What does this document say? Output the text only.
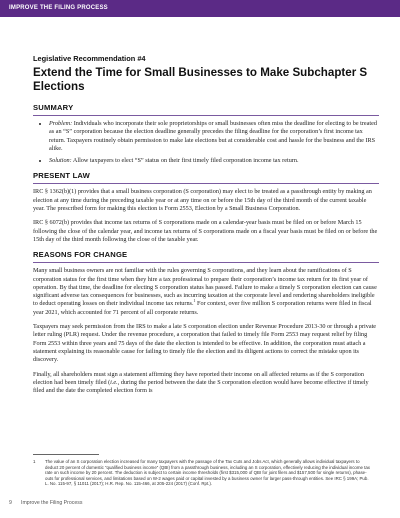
IMPROVE THE FILING PROCESS
Legislative Recommendation #4
Extend the Time for Small Businesses to Make Subchapter S Elections
SUMMARY
• Problem: Individuals who incorporate their sole proprietorships or small businesses often miss the deadline for electing to be treated as an “S” corporation because the election deadline generally precedes the filing deadline for the corporation’s first income tax return. Taxpayers routinely obtain permission to make late elections but at considerable cost and hassle for the business and the IRS alike.
• Solution: Allow taxpayers to elect “S” status on their first timely filed corporation income tax return.
PRESENT LAW

IRC § 1362(b)(1) provides that a small business corporation (S corporation) may elect to be treated as a passthrough entity by making an election at any time during the preceding taxable year or at any time on or before the 15th day of the third month of the current taxable year. The prescribed form for making this election is Form 2553, Election by a Small Business Corporation.

IRC § 6072(b) provides that income tax returns of S corporations made on a calendar-year basis must be filed on or before March 15 following the close of the calendar year, and income tax returns of S corporations made on a fiscal year basis must be filed on or before the 15th day of the third month following the close of the taxable year.

REASONS FOR CHANGE

Many small business owners are not familiar with the rules governing S corporations, and they learn about the ramifications of S corporation status for the first time when they hire a tax professional to prepare their corporation’s income tax return for its first year of operation. By that time, the deadline for electing S corporation status has passed. Failure to make a timely S corporation election can cause significant adverse tax consequences for businesses, such as incurring taxation at the corporate level and rendering shareholders ineligible to deduct operating losses on their individual income tax returns.$^1$ For context, over five million S corporation returns were filed in fiscal year 2021, which accounted for 71 percent of all corporate returns.

Taxpayers may seek permission from the IRS to make a late S corporation election under Revenue Procedure 2013-30 or through a private letter ruling (PLR) request. Under the revenue procedure, a corporation that failed to timely file Form 2553 may request relief by filing Form 2553 within three years and 75 days of the date the election is intended to be effective. In addition, the corporation must attach a statement explaining its reasonable cause for failing to timely file the election and its diligent actions to correct the mistake upon its discovery.

Finally, all shareholders must sign a statement affirming they have reported their income on all affected returns as if the S corporation election had been timely filed (i.e., during the period between the date the S corporation election would have become effective if timely filed and the date the completed election form is

1 The value of an S corporation election increased for many taxpayers with the passage of the Tax Cuts and Jobs Act, which generally allows individual taxpayers to deduct 20 percent of domestic “qualified business income” (QBI) from a passthrough business, including an S corporation, effectively reducing the individual income tax rate on such income by 20 percent. The deduction is subject to certain income thresholds (first $315,000 of QBI for joint filers and $157,500 for single returns), phase-outs for professional services, and limitations based on W-2 wages paid or capital invested by a business owner for larger pass-through entities. See IRC § 199A; Pub. L. No. 115-97, § 11011 (2017); H.R. Rep. No. 115-466, at 205-224 (2017) (Conf. Rpt.).
9 Improve the Filing Process
